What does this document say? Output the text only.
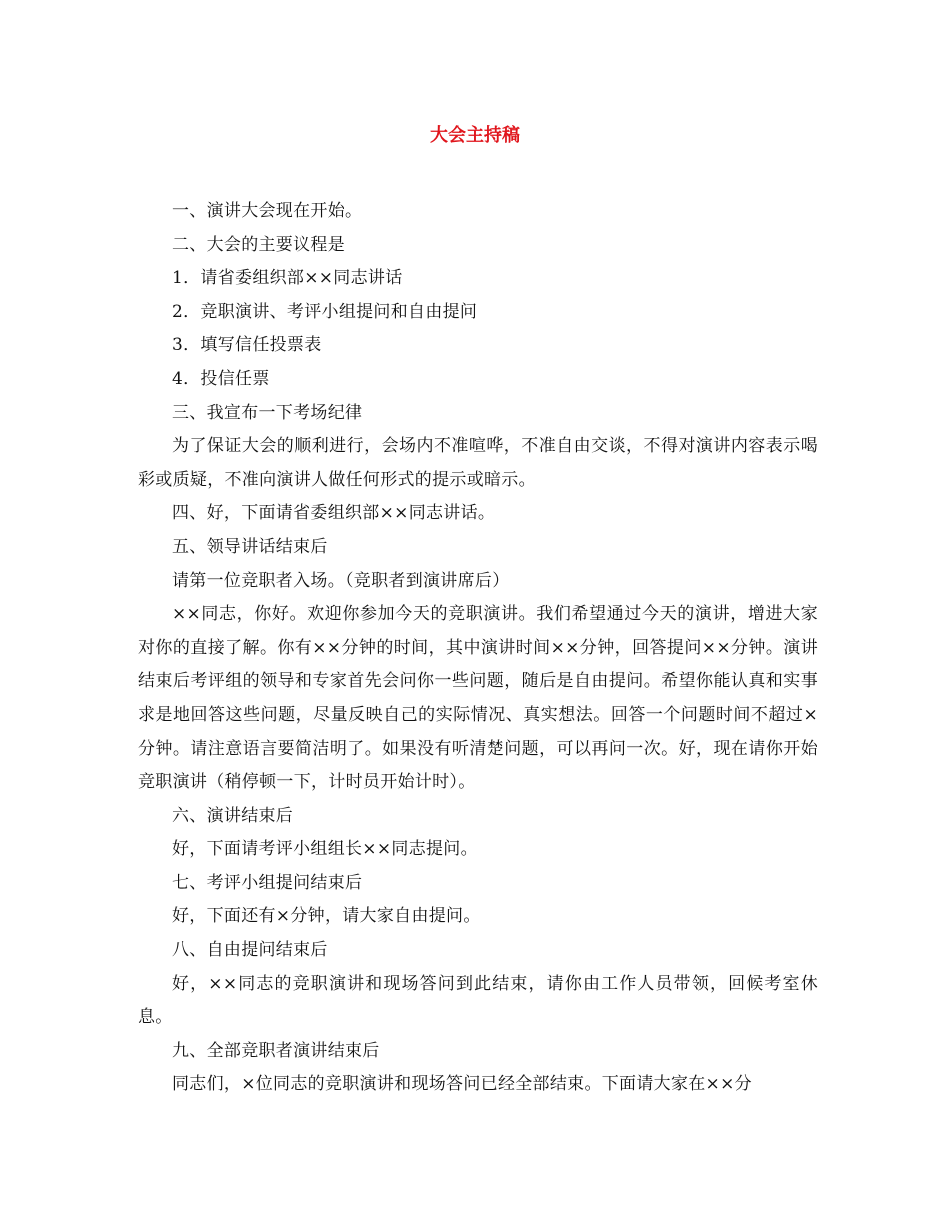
大会主持稿

一、演讲大会现在开始。

二、大会的主要议程是

1．请省委组织部××同志讲话

2．竞职演讲、考评小组提问和自由提问

3．填写信任投票表

4．投信任票

三、我宣布一下考场纪律

为了保证大会的顺利进行，会场内不准喧哗，不准自由交谈，不得对演讲内容表示喝彩或质疑，不准向演讲人做任何形式的提示或暗示。

四、好，下面请省委组织部××同志讲话。

五、领导讲话结束后

请第一位竞职者入场。（竞职者到演讲席后）

××同志，你好。欢迎你参加今天的竞职演讲。我们希望通过今天的演讲，增进大家对你的直接了解。你有××分钟的时间，其中演讲时间××分钟，回答提问××分钟。演讲结束后考评组的领导和专家首先会问你一些问题，随后是自由提问。希望你能认真和实事求是地回答这些问题，尽量反映自己的实际情况、真实想法。回答一个问题时间不超过×分钟。请注意语言要简洁明了。如果没有听清楚问题，可以再问一次。好，现在请你开始竞职演讲（稍停顿一下，计时员开始计时）。

六、演讲结束后

好，下面请考评小组组长××同志提问。

七、考评小组提问结束后

好，下面还有×分钟，请大家自由提问。

八、自由提问结束后

好，××同志的竞职演讲和现场答问到此结束，请你由工作人员带领，回候考室休息。

九、全部竞职者演讲结束后

同志们，×位同志的竞职演讲和现场答问已经全部结束。下面请大家在××分
